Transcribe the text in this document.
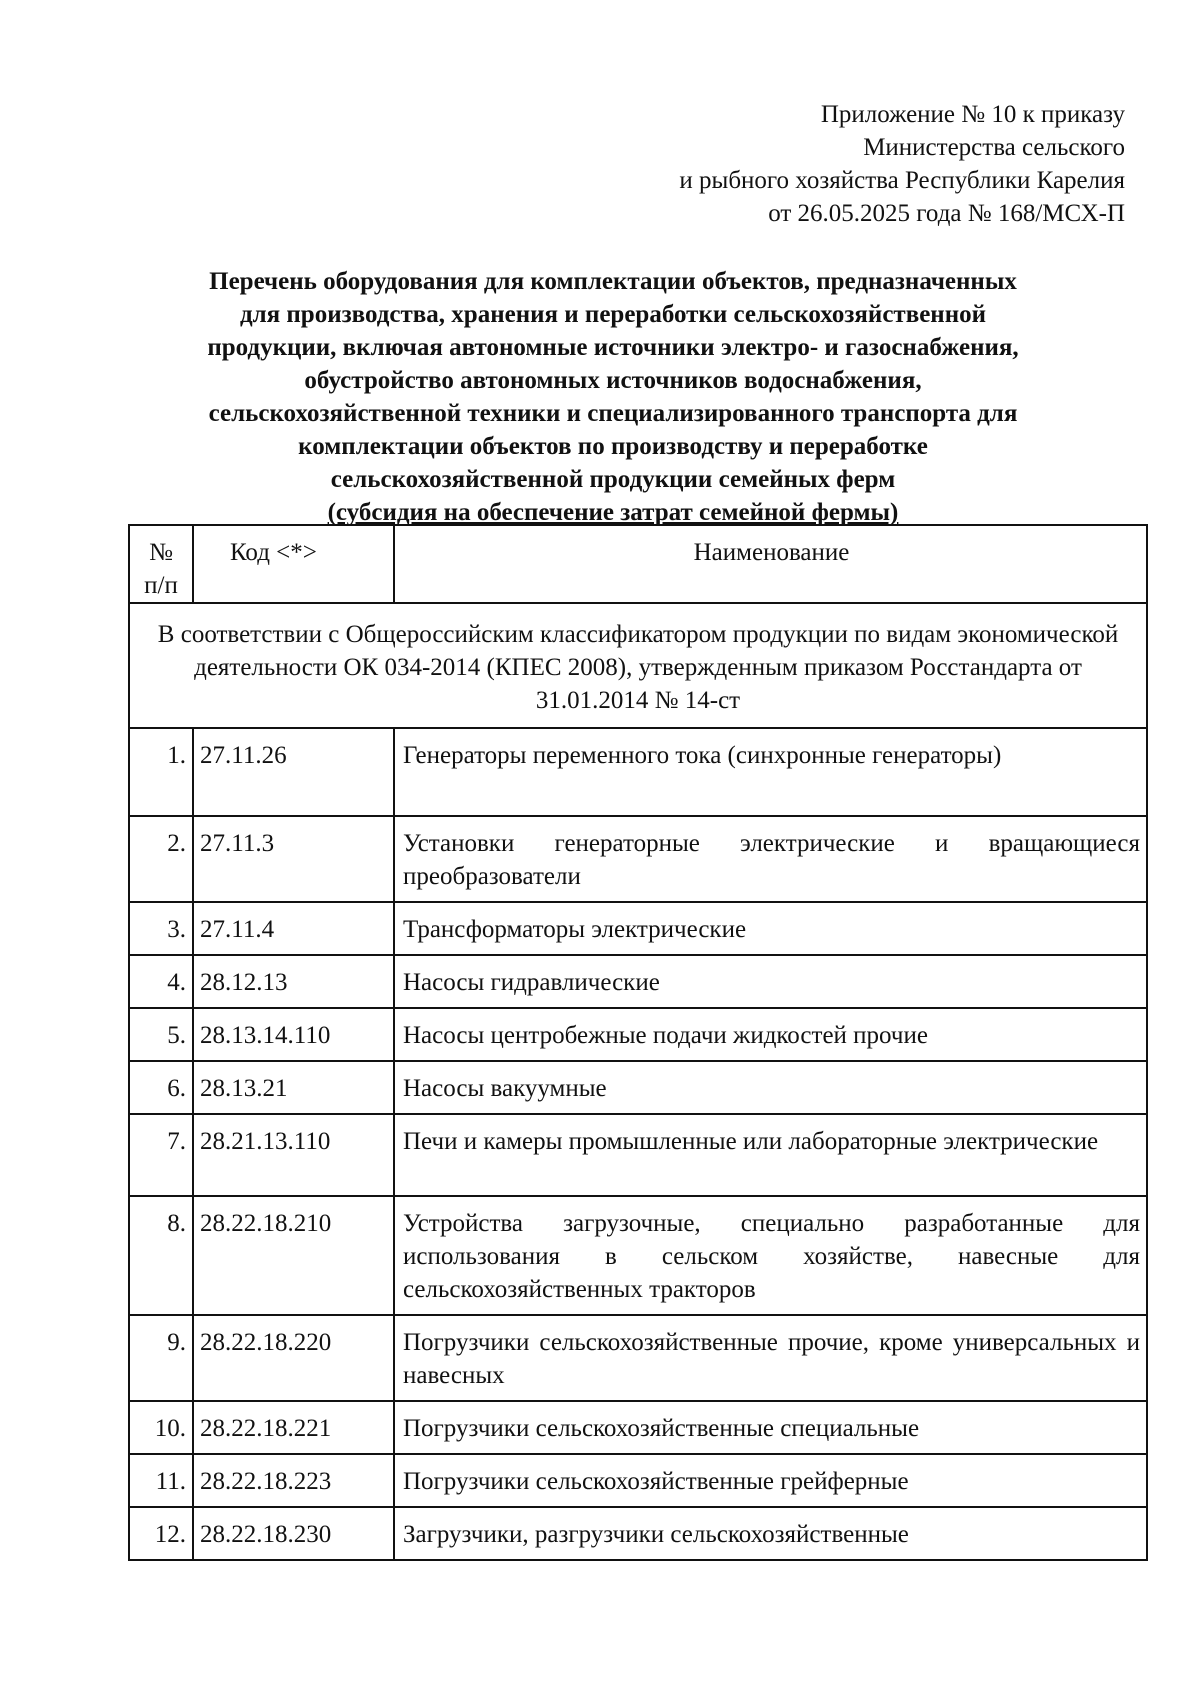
Приложение № 10 к приказу
Министерства сельского
и рыбного хозяйства Республики Карелия
от 26.05.2025 года № 168/МСХ-П
Перечень оборудования для комплектации объектов, предназначенных
для производства, хранения и переработки сельскохозяйственной
продукции, включая автономные источники электро- и газоснабжения,
обустройство автономных источников водоснабжения,
сельскохозяйственной техники и специализированного транспорта для
комплектации объектов по производству и переработке
сельскохозяйственной продукции семейных ферм
(субсидия на обеспечение затрат семейной фермы)
№
п/п	Код <*>	Наименование
В соответствии с Общероссийским классификатором продукции по видам экономической деятельности ОК 034-2014 (КПЕС 2008), утвержденным приказом Росстандарта от 31.01.2014 № 14-ст		
1.	27.11.26	Генераторы переменного тока (синхронные генераторы)
2.	27.11.3	Установки генераторные электрические и вращающиеся преобразователи
3.	27.11.4	Трансформаторы электрические
4.	28.12.13	Насосы гидравлические
5.	28.13.14.110	Насосы центробежные подачи жидкостей прочие
6.	28.13.21	Насосы вакуумные
7.	28.21.13.110	Печи и камеры промышленные или лабораторные электрические
8.	28.22.18.210	Устройства загрузочные, специально разработанные для использования в сельском хозяйстве, навесные для сельскохозяйственных тракторов
9.	28.22.18.220	Погрузчики сельскохозяйственные прочие, кроме универсальных и навесных
10.	28.22.18.221	Погрузчики сельскохозяйственные специальные
11.	28.22.18.223	Погрузчики сельскохозяйственные грейферные
12.	28.22.18.230	Загрузчики, разгрузчики сельскохозяйственные
